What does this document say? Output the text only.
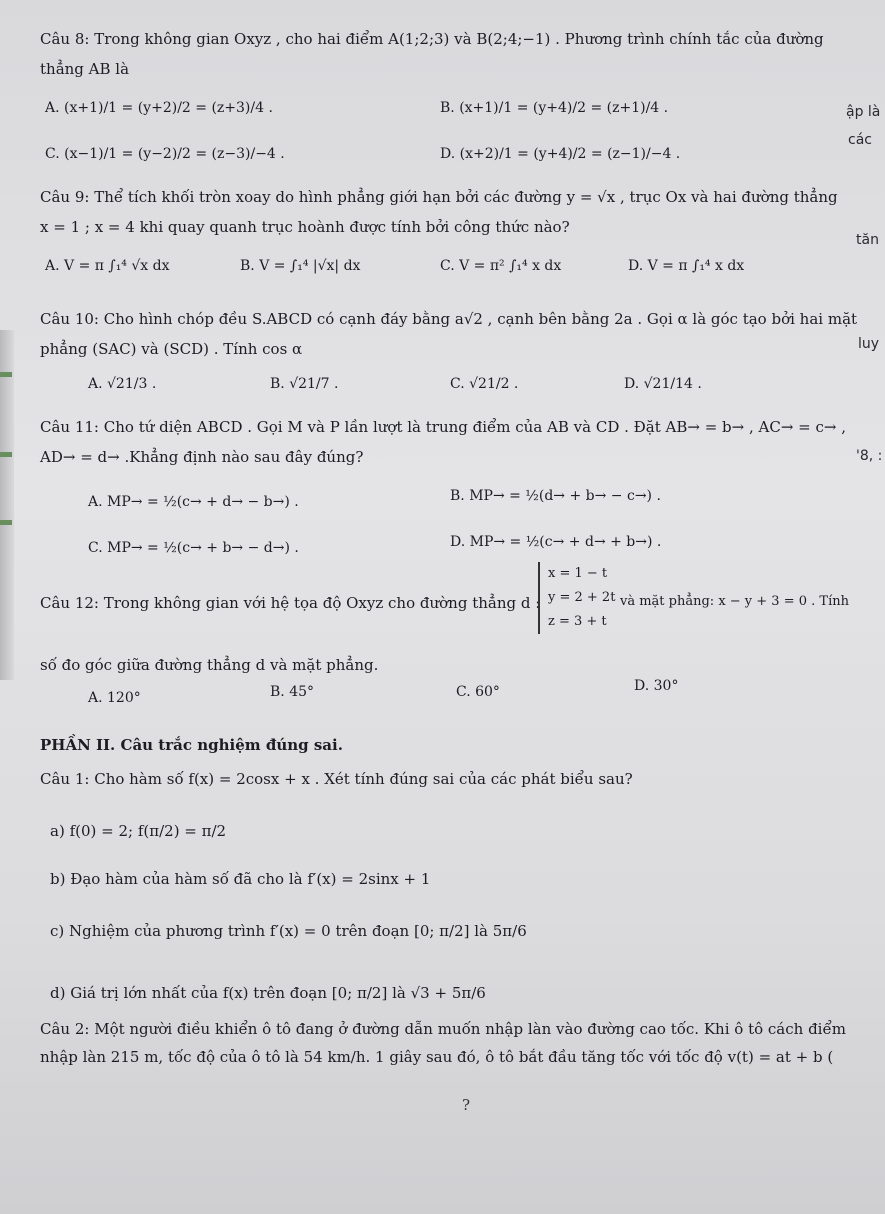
Câu 8: Trong không gian Oxyz , cho hai điểm A(1;2;3) và B(2;4;−1) . Phương trình chính tắc của đường
thẳng AB là
A. (x+1)/1 = (y+2)/2 = (z+3)/4 .	B. (x+1)/1 = (y+4)/2 = (z+1)/4 .
C. (x−1)/1 = (y−2)/2 = (z−3)/−4 .	D. (x+2)/1 = (y+4)/2 = (z−1)/−4 .
Câu 9: Thể tích khối tròn xoay do hình phẳng giới hạn bởi các đường y = √x , trục Ox và hai đường thẳng
x = 1 ; x = 4 khi quay quanh trục hoành được tính bởi công thức nào?
A. V = π ∫₁⁴ √x dx	B. V = ∫₁⁴ |√x| dx	C. V = π² ∫₁⁴ x dx	D. V = π ∫₁⁴ x dx
Câu 10: Cho hình chóp đều S.ABCD có cạnh đáy bằng a√2 , cạnh bên bằng 2a . Gọi α là góc tạo bởi hai mặt
phẳng (SAC) và (SCD) . Tính cos α
A. √21/3 .	B. √21/7 .	C. √21/2 .	D. √21/14 .
Câu 11: Cho tứ diện ABCD . Gọi M và P lần lượt là trung điểm của AB và CD . Đặt AB→ = b→ , AC→ = c→ ,
AD→ = d→ .Khẳng định nào sau đây đúng?
A. MP→ = ½(c→ + d→ − b→) .	B. MP→ = ½(d→ + b→ − c→) .
C. MP→ = ½(c→ + b→ − d→) .	D. MP→ = ½(c→ + d→ + b→) .
Câu 12: Trong không gian với hệ tọa độ Oxyz cho đường thẳng d :
x = 1 − t
y = 2 + 2t
z = 3 + t
và mặt phẳng: x − y + 3 = 0 . Tính
số đo góc giữa đường thẳng d và mặt phẳng.
A. 120°	B. 45°	C. 60°	D. 30°
PHẦN II. Câu trắc nghiệm đúng sai.
Câu 1: Cho hàm số f(x) = 2cosx + x . Xét tính đúng sai của các phát biểu sau?
a) f(0) = 2; f(π/2) = π/2
b) Đạo hàm của hàm số đã cho là f′(x) = 2sinx + 1
c) Nghiệm của phương trình f′(x) = 0 trên đoạn [0; π/2] là 5π/6
d) Giá trị lớn nhất của f(x) trên đoạn [0; π/2] là √3 + 5π/6
Câu 2: Một người điều khiển ô tô đang ở đường dẫn muốn nhập làn vào đường cao tốc. Khi ô tô cách điểm
nhập làn 215 m, tốc độ của ô tô là 54 km/h. 1 giây sau đó, ô tô bắt đầu tăng tốc với tốc độ v(t) = at + b (
?
ập là
các
tăn
luy
'8, :
